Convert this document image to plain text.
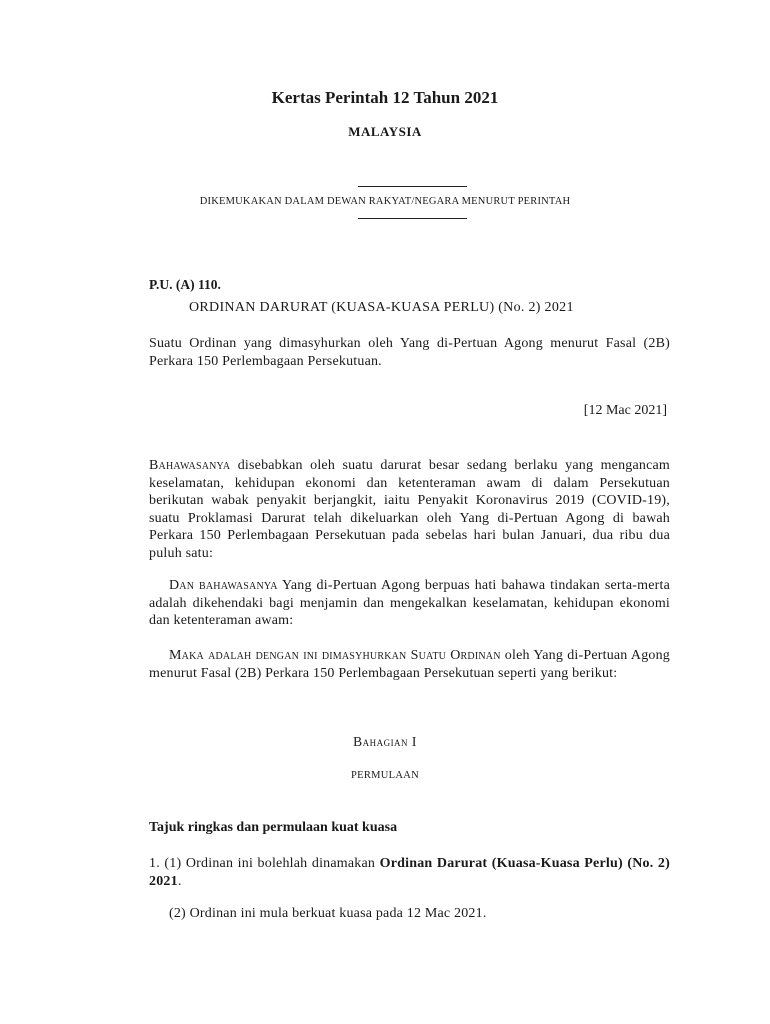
Kertas Perintah 12 Tahun 2021
MALAYSIA
DIKEMUKAKAN DALAM DEWAN RAKYAT/NEGARA MENURUT PERINTAH
P.U. (A) 110.
ORDINAN DARURAT (KUASA-KUASA PERLU) (No. 2) 2021
Suatu Ordinan yang dimasyhurkan oleh Yang di-Pertuan Agong menurut Fasal (2B) Perkara 150 Perlembagaan Persekutuan.
[12 Mac 2021]
Bahawasanya disebabkan oleh suatu darurat besar sedang berlaku yang mengancam keselamatan, kehidupan ekonomi dan ketenteraman awam di dalam Persekutuan berikutan wabak penyakit berjangkit, iaitu Penyakit Koronavirus 2019 (COVID-19), suatu Proklamasi Darurat telah dikeluarkan oleh Yang di-Pertuan Agong di bawah Perkara 150 Perlembagaan Persekutuan pada sebelas hari bulan Januari, dua ribu dua puluh satu:
Dan bahawasanya Yang di-Pertuan Agong berpuas hati bahawa tindakan serta-merta adalah dikehendaki bagi menjamin dan mengekalkan keselamatan, kehidupan ekonomi dan ketenteraman awam:
Maka adalah dengan ini dimasyhurkan Suatu Ordinan oleh Yang di-Pertuan Agong menurut Fasal (2B) Perkara 150 Perlembagaan Persekutuan seperti yang berikut:
Bahagian I
PERMULAAN
Tajuk ringkas dan permulaan kuat kuasa
1. (1) Ordinan ini bolehlah dinamakan Ordinan Darurat (Kuasa-Kuasa Perlu) (No. 2) 2021.
(2) Ordinan ini mula berkuat kuasa pada 12 Mac 2021.
